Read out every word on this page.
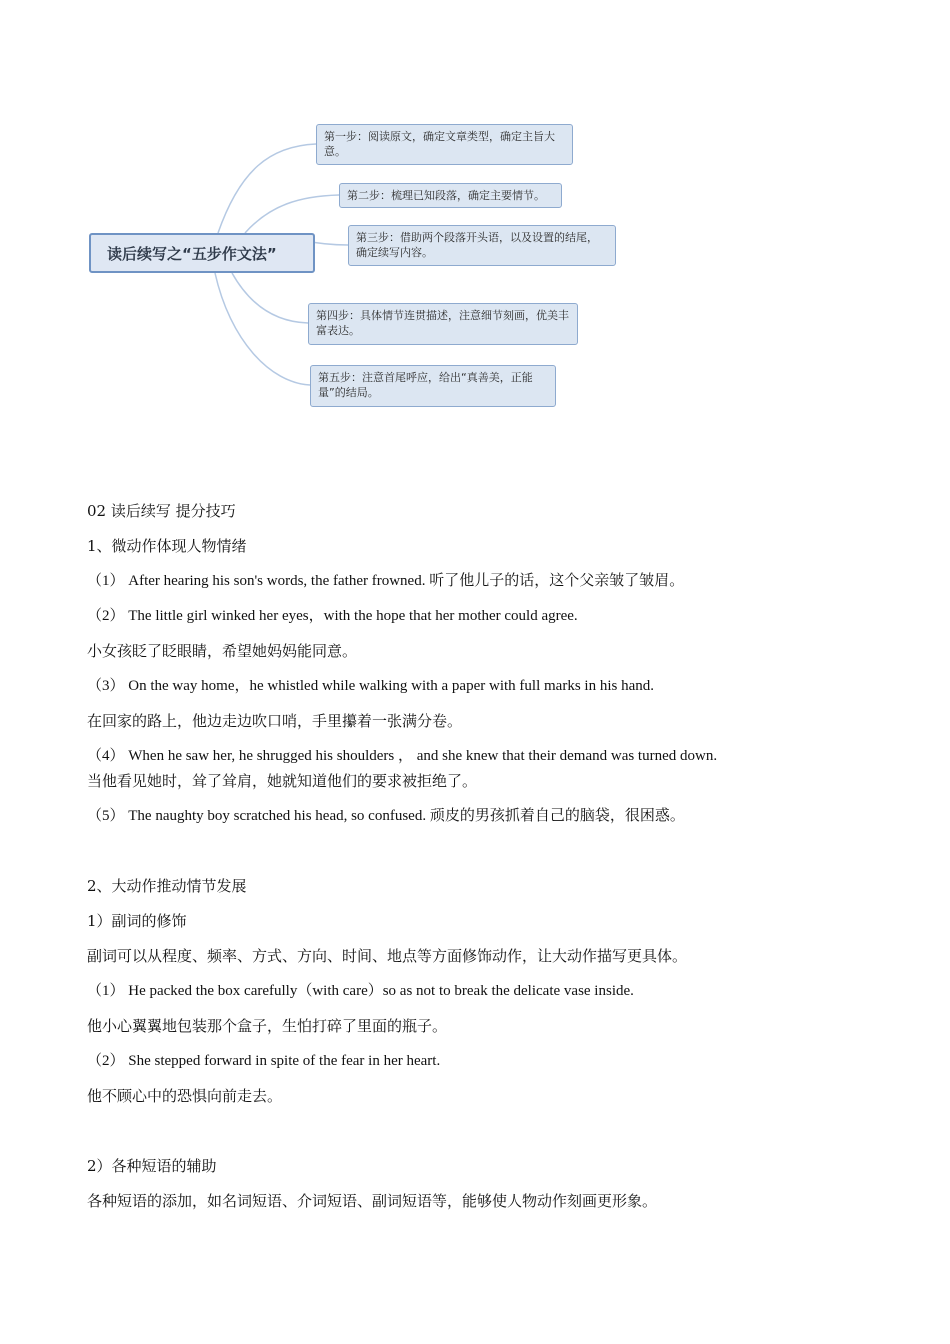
读后续写之“五步作文法”
第一步：阅读原文，确定文章类型，确定主旨大意。
第二步：梳理已知段落，确定主要情节。
第三步：借助两个段落开头语，以及设置的结尾，确定续写内容。
第四步：具体情节连贯描述，注意细节刻画，优美丰富表达。
第五步：注意首尾呼应，给出“真善美，正能量”的结局。
02 读后续写 提分技巧
1、微动作体现人物情绪
（1） After hearing his son's words, the father frowned. 听了他儿子的话，这个父亲皱了皱眉。
（2） The little girl winked her eyes，with the hope that her mother could agree.
小女孩眨了眨眼睛，希望她妈妈能同意。
（3） On the way home，he whistled while walking with a paper with full marks in his hand.
在回家的路上，他边走边吹口哨，手里攥着一张满分卷。
（4） When he saw her, he shrugged his shoulders ， and she knew that their demand was turned down.
当他看见她时，耸了耸肩，她就知道他们的要求被拒绝了。
（5） The naughty boy scratched his head, so confused. 顽皮的男孩抓着自己的脑袋，很困惑。
2、大动作推动情节发展
1）副词的修饰
副词可以从程度、频率、方式、方向、时间、地点等方面修饰动作，让大动作描写更具体。
（1） He packed the box carefully（with care）so as not to break the delicate vase inside.
他小心翼翼地包装那个盒子，生怕打碎了里面的瓶子。
（2） She stepped forward in spite of the fear in her heart.
他不顾心中的恐惧向前走去。
2）各种短语的辅助
各种短语的添加，如名词短语、介词短语、副词短语等，能够使人物动作刻画更形象。
